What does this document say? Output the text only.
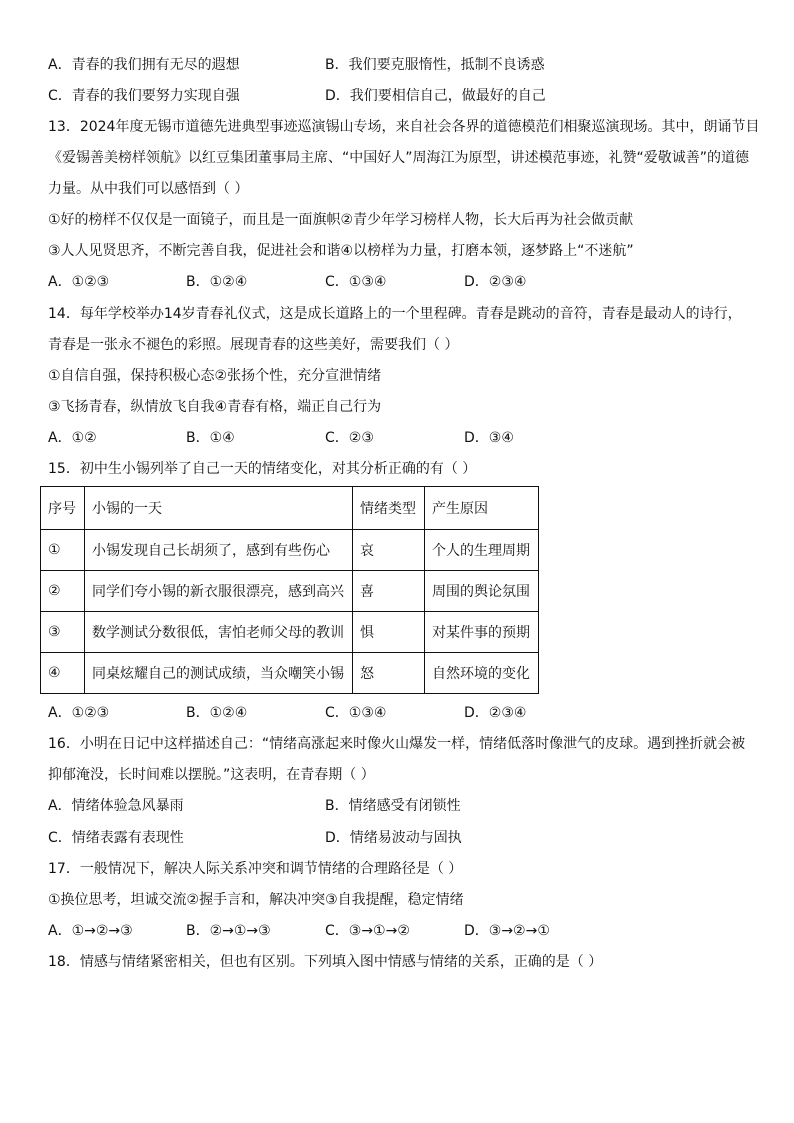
A．青春的我们拥有无尽的遐想	B．我们要克服惰性，抵制不良诱惑
C．青春的我们要努力实现自强	D．我们要相信自己，做最好的自己
13．2024年度无锡市道德先进典型事迹巡演锡山专场，来自社会各界的道德模范们相聚巡演现场。其中，朗诵节目
《爱锡善美榜样领航》以红豆集团董事局主席、“中国好人”周海江为原型，讲述模范事迹，礼赞“爱敬诚善”的道德
力量。从中我们可以感悟到（ ）
①好的榜样不仅仅是一面镜子，而且是一面旗帜②青少年学习榜样人物，长大后再为社会做贡献
③人人见贤思齐，不断完善自我，促进社会和谐④以榜样为力量，打磨本领，逐梦路上“不迷航”
A．①②③	B．①②④	C．①③④	D．②③④
14．每年学校举办14岁青春礼仪式，这是成长道路上的一个里程碑。青春是跳动的音符，青春是最动人的诗行，
青春是一张永不褪色的彩照。展现青春的这些美好，需要我们（ ）
①自信自强，保持积极心态②张扬个性，充分宣泄情绪
③飞扬青春，纵情放飞自我④青春有格，端正自己行为
A．①②	B．①④	C．②③	D．③④
15．初中生小锡列举了自己一天的情绪变化，对其分析正确的有（ ）
序号	小锡的一天	情绪类型	产生原因
①	小锡发现自己长胡须了，感到有些伤心	哀	个人的生理周期
②	同学们夸小锡的新衣服很漂亮，感到高兴	喜	周围的舆论氛围
③	数学测试分数很低，害怕老师父母的教训	惧	对某件事的预期
④	同桌炫耀自己的测试成绩，当众嘲笑小锡	怒	自然环境的变化
A．①②③	B．①②④	C．①③④	D．②③④
16．小明在日记中这样描述自己：“情绪高涨起来时像火山爆发一样，情绪低落时像泄气的皮球。遇到挫折就会被
抑郁淹没，长时间难以摆脱。”这表明，在青春期（ ）
A．情绪体验急风暴雨	B．情绪感受有闭锁性
C．情绪表露有表现性	D．情绪易波动与固执
17．一般情况下，解决人际关系冲突和调节情绪的合理路径是（ ）
①换位思考，坦诚交流②握手言和，解决冲突③自我提醒，稳定情绪
A．①→②→③	B．②→①→③	C．③→①→②	D．③→②→①
18．情感与情绪紧密相关，但也有区别。下列填入图中情感与情绪的关系，正确的是（ ）
